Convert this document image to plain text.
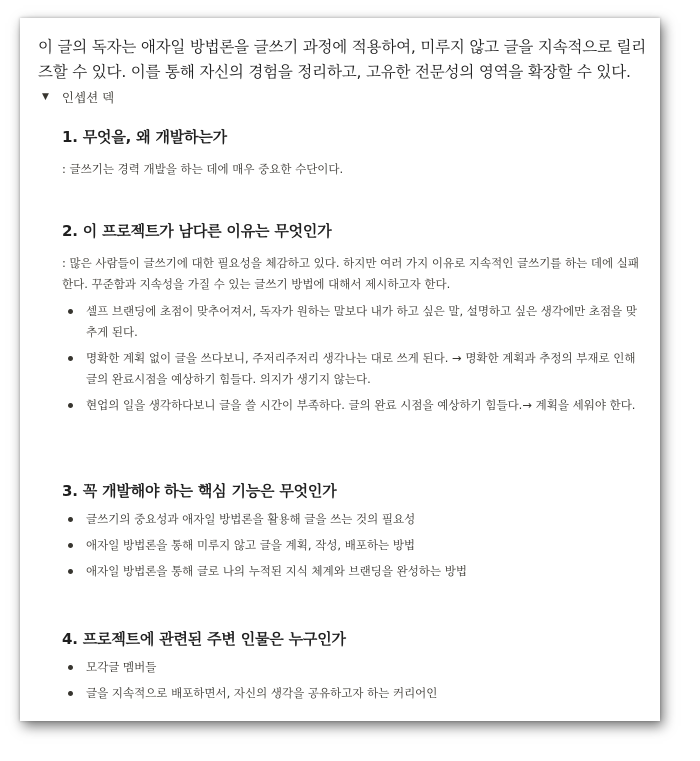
이 글의 독자는 애자일 방법론을 글쓰기 과정에 적용하여, 미루지 않고 글을 지속적으로 릴리즈할 수 있다. 이를 통해 자신의 경험을 정리하고, 고유한 전문성의 영역을 확장할 수 있다.
▼ 인셉션 덱
1. 무엇을, 왜 개발하는가

: 글쓰기는 경력 개발을 하는 데에 매우 중요한 수단이다.

2. 이 프로젝트가 남다른 이유는 무엇인가

: 많은 사람들이 글쓰기에 대한 필요성을 체감하고 있다. 하지만 여러 가지 이유로 지속적인 글쓰기를 하는 데에 실패한다. 꾸준함과 지속성을 가질 수 있는 글쓰기 방법에 대해서 제시하고자 한다.

셀프 브랜딩에 초점이 맞추어져서, 독자가 원하는 말보다 내가 하고 싶은 말, 설명하고 싶은 생각에만 초점을 맞추게 된다.
명확한 계획 없이 글을 쓰다보니, 주저리주저리 생각나는 대로 쓰게 된다. → 명확한 계획과 추정의 부재로 인해 글의 완료시점을 예상하기 힘들다. 의지가 생기지 않는다.
현업의 일을 생각하다보니 글을 쓸 시간이 부족하다. 글의 완료 시점을 예상하기 힘들다.→ 계획을 세워야 한다.
3. 꼭 개발해야 하는 핵심 기능은 무엇인가
글쓰기의 중요성과 애자일 방법론을 활용해 글을 쓰는 것의 필요성
애자일 방법론을 통해 미루지 않고 글을 계획, 작성, 배포하는 방법
애자일 방법론을 통해 글로 나의 누적된 지식 체계와 브랜딩을 완성하는 방법
4. 프로젝트에 관련된 주변 인물은 누구인가
모각글 멤버들
글을 지속적으로 배포하면서, 자신의 생각을 공유하고자 하는 커리어인
